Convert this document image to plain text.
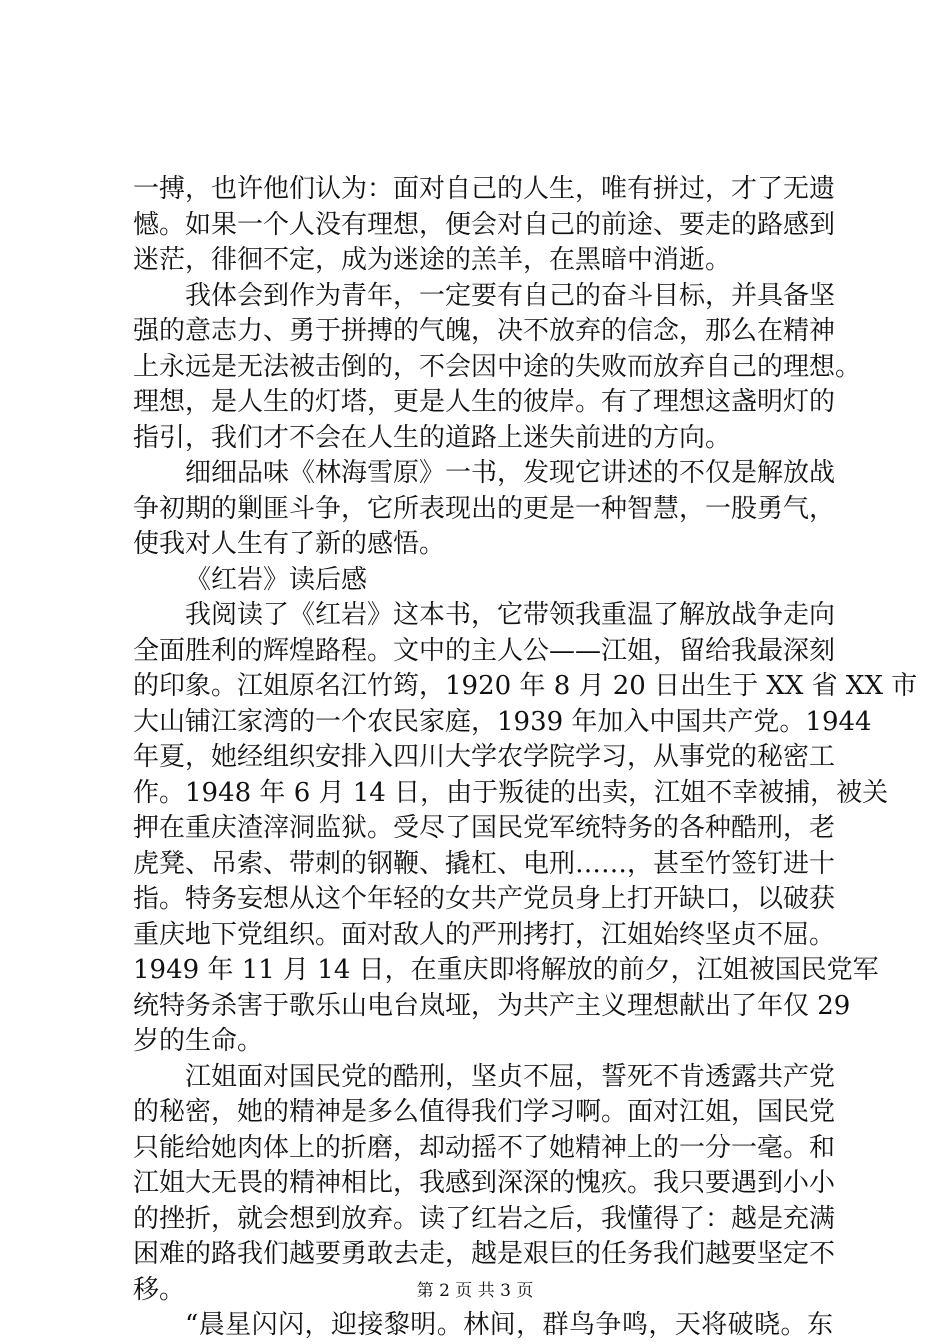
一搏，也许他们认为：面对自己的人生，唯有拼过，才了无遗
憾。如果一个人没有理想，便会对自己的前途、要走的路感到
迷茫，徘徊不定，成为迷途的羔羊，在黑暗中消逝。

我体会到作为青年，一定要有自己的奋斗目标，并具备坚
强的意志力、勇于拼搏的气魄，决不放弃的信念，那么在精神
上永远是无法被击倒的，不会因中途的失败而放弃自己的理想。
理想，是人生的灯塔，更是人生的彼岸。有了理想这盏明灯的
指引，我们才不会在人生的道路上迷失前进的方向。

细细品味《林海雪原》一书，发现它讲述的不仅是解放战
争初期的剿匪斗争，它所表现出的更是一种智慧，一股勇气，
使我对人生有了新的感悟。

《红岩》读后感

我阅读了《红岩》这本书，它带领我重温了解放战争走向
全面胜利的辉煌路程。文中的主人公——江姐，留给我最深刻
的印象。江姐原名江竹筠，1920 年 8 月 20 日出生于 XX 省 XX 市
大山铺江家湾的一个农民家庭，1939 年加入中国共产党。1944
年夏，她经组织安排入四川大学农学院学习，从事党的秘密工
作。1948 年 6 月 14 日，由于叛徒的出卖，江姐不幸被捕，被关
押在重庆渣滓洞监狱。受尽了国民党军统特务的各种酷刑，老
虎凳、吊索、带刺的钢鞭、撬杠、电刑……，甚至竹签钉进十
指。特务妄想从这个年轻的女共产党员身上打开缺口，以破获
重庆地下党组织。面对敌人的严刑拷打，江姐始终坚贞不屈。
1949 年 11 月 14 日，在重庆即将解放的前夕，江姐被国民党军
统特务杀害于歌乐山电台岚垭，为共产主义理想献出了年仅 29
岁的生命。

江姐面对国民党的酷刑，坚贞不屈，誓死不肯透露共产党
的秘密，她的精神是多么值得我们学习啊。面对江姐，国民党
只能给她肉体上的折磨，却动摇不了她精神上的一分一毫。和
江姐大无畏的精神相比，我感到深深的愧疚。我只要遇到小小
的挫折，就会想到放弃。读了红岩之后，我懂得了：越是充满
困难的路我们越要勇敢去走，越是艰巨的任务我们越要坚定不
移。

“晨星闪闪，迎接黎明。林间，群鸟争鸣，天将破晓。东

第 2 页 共 3 页
